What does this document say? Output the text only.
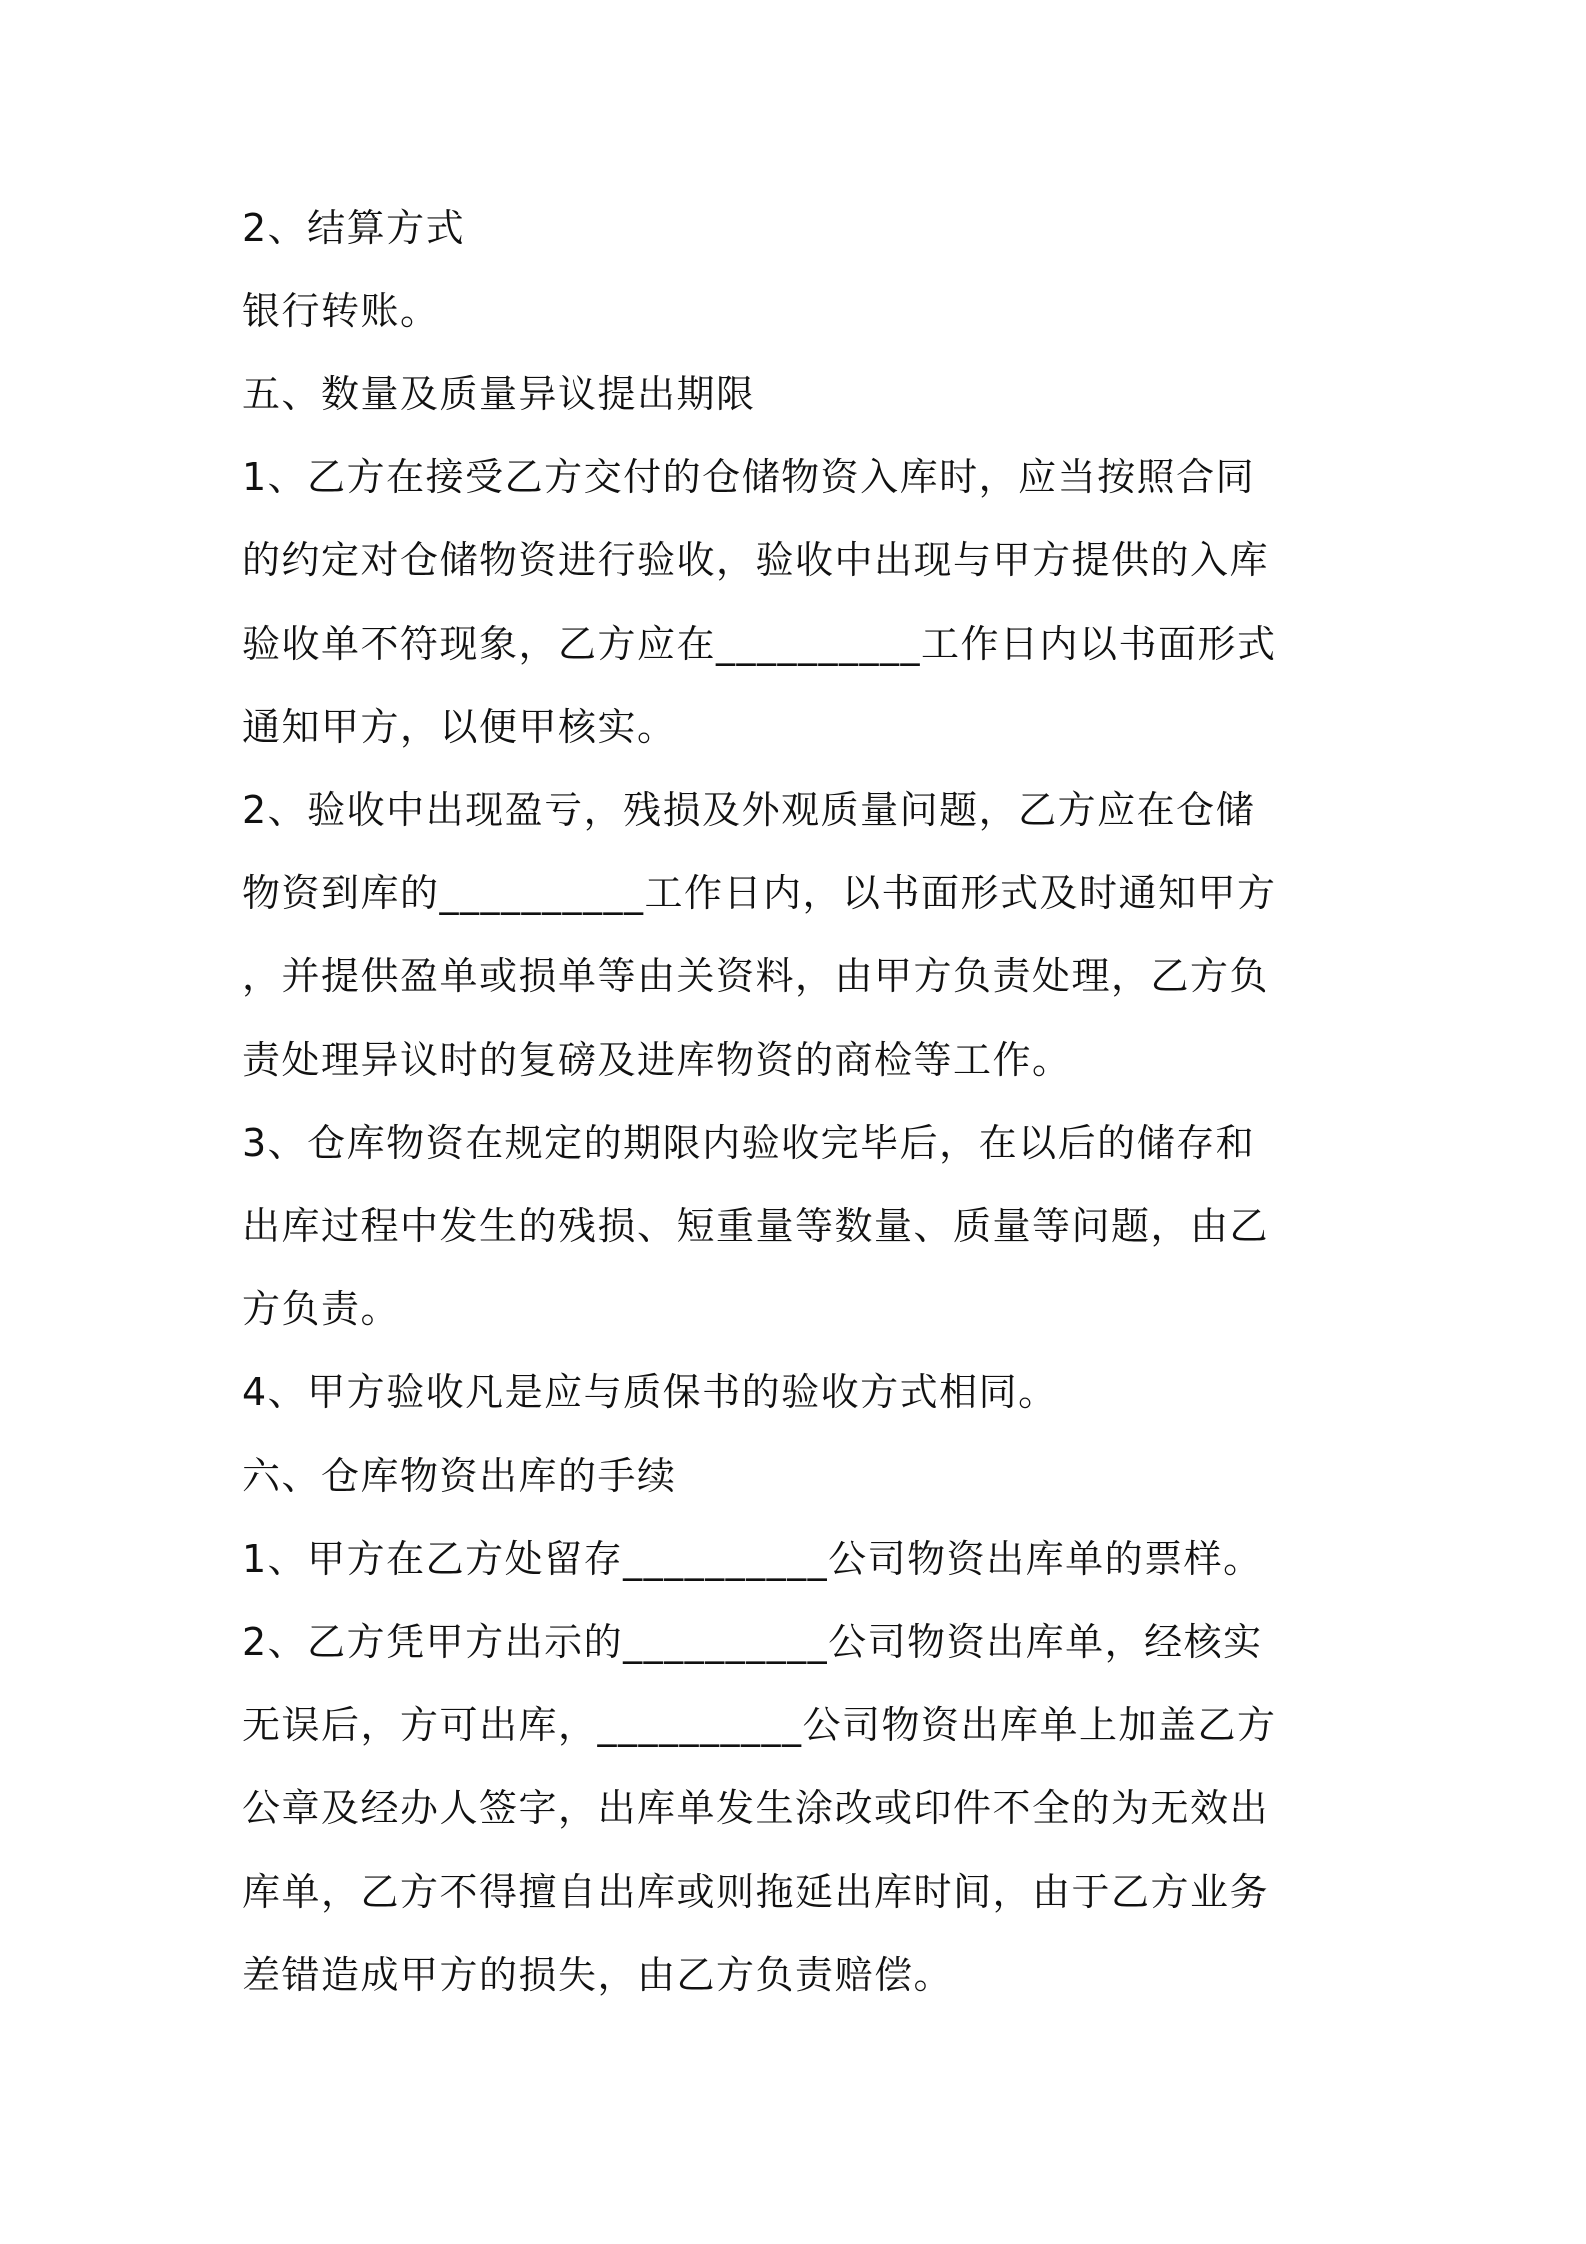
2、结算方式
银行转账。
五、数量及质量异议提出期限
1、乙方在接受乙方交付的仓储物资入库时，应当按照合同
的约定对仓储物资进行验收，验收中出现与甲方提供的入库
验收单不符现象，乙方应在__________工作日内以书面形式
通知甲方，以便甲核实。
2、验收中出现盈亏，残损及外观质量问题，乙方应在仓储
物资到库的__________工作日内，以书面形式及时通知甲方
，并提供盈单或损单等由关资料，由甲方负责处理，乙方负
责处理异议时的复磅及进库物资的商检等工作。
3、仓库物资在规定的期限内验收完毕后，在以后的储存和
出库过程中发生的残损、短重量等数量、质量等问题，由乙
方负责。
4、甲方验收凡是应与质保书的验收方式相同。
六、仓库物资出库的手续
1、甲方在乙方处留存__________公司物资出库单的票样。
2、乙方凭甲方出示的__________公司物资出库单，经核实
无误后，方可出库，__________公司物资出库单上加盖乙方
公章及经办人签字，出库单发生涂改或印件不全的为无效出
库单，乙方不得擅自出库或则拖延出库时间，由于乙方业务
差错造成甲方的损失，由乙方负责赔偿。
